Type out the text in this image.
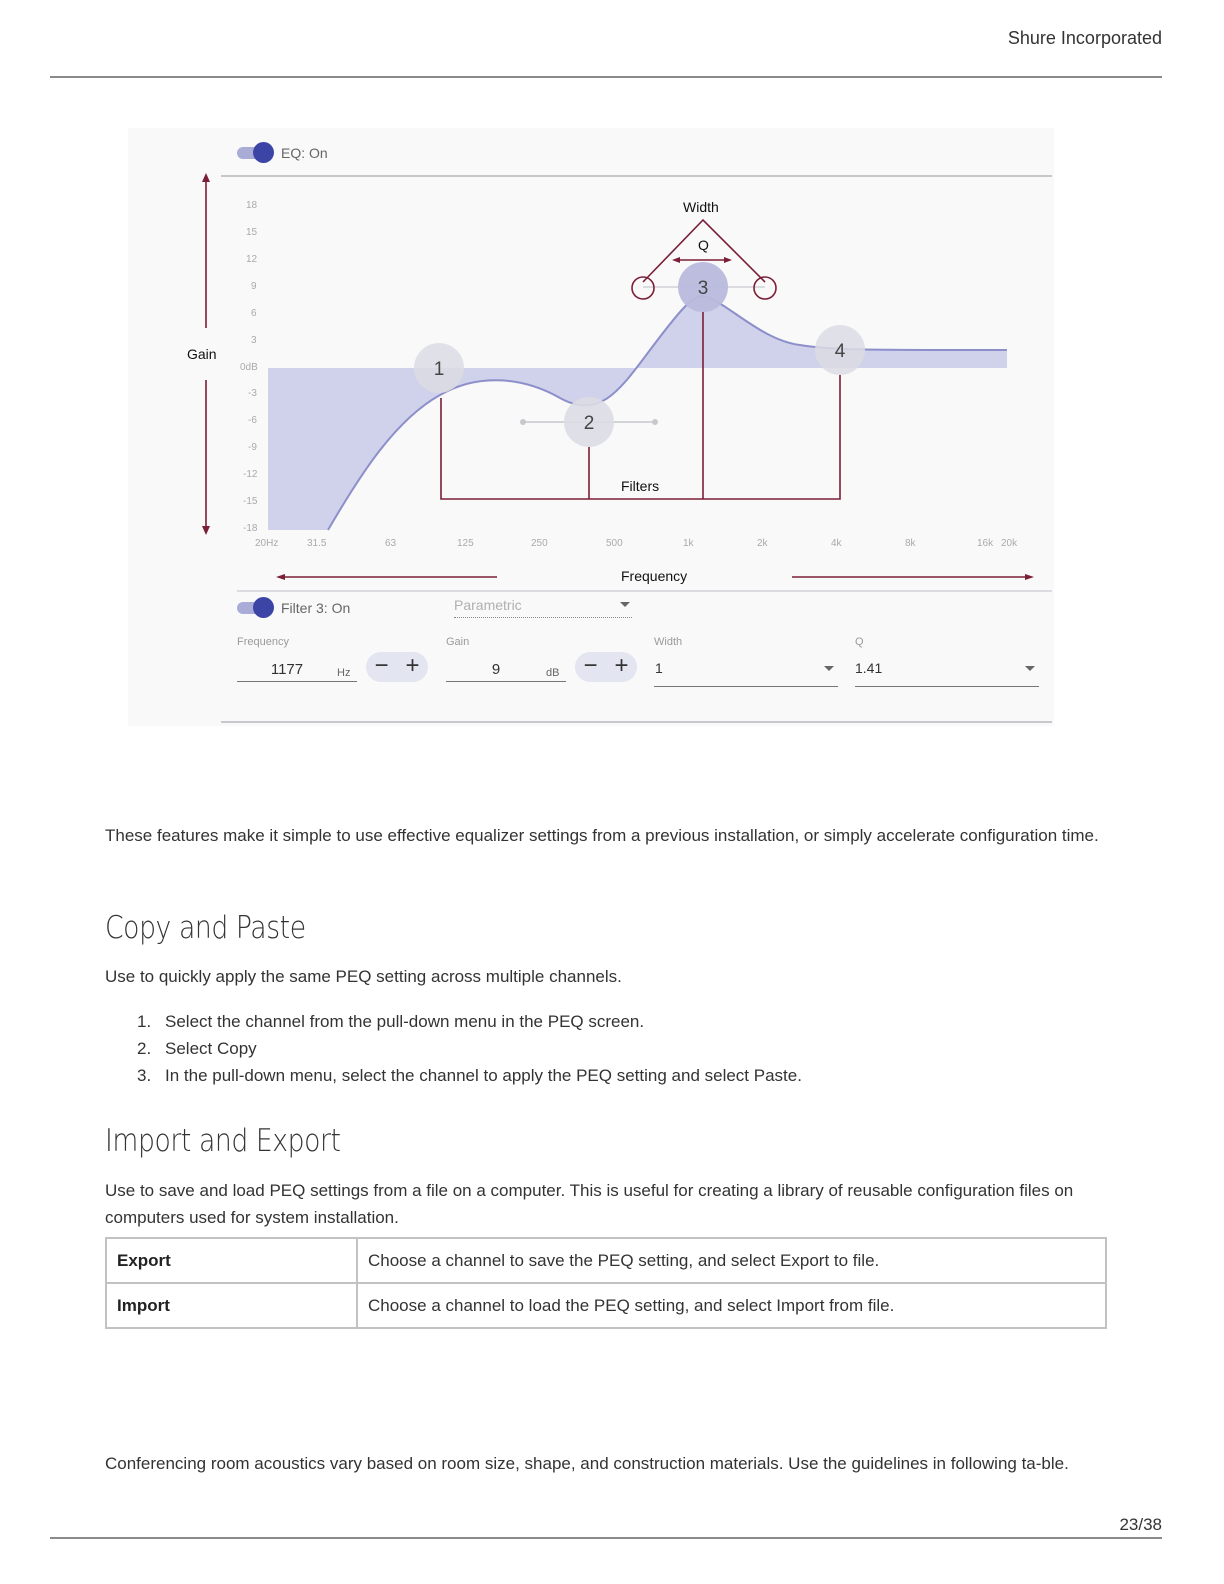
Shure Incorporated
EQ: On
1
2
3
4
18
15
12
9
6
3
0dB
-3
-6
-9
-12
-15
-18
20Hz	31.5	63	125	250	500	1k	2k	4k	8k	16k 20k
Gain
Width
Q
Filters
Frequency
Filter 3: On	Parametric
Frequency
1177	Hz	− +
Gain
9	dB	− +
Width
1
Q
1.41

These features make it simple to use effective equalizer settings from a previous installation, or simply accelerate configuration time.

Copy and Paste

Use to quickly apply the same PEQ setting across multiple channels.

1. Select the channel from the pull-down menu in the PEQ screen.
2. Select Copy
3. In the pull-down menu, select the channel to apply the PEQ setting and select Paste.
Import and Export

Use to save and load PEQ settings from a file on a computer. This is useful for creating a library of reusable configuration files on computers used for system installation.

Export	Choose a channel to save the PEQ setting, and select Export to file.
Import	Choose a channel to load the PEQ setting, and select Import from file.

Conferencing room acoustics vary based on room size, shape, and construction materials. Use the guidelines in following ta-ble.

23/38
